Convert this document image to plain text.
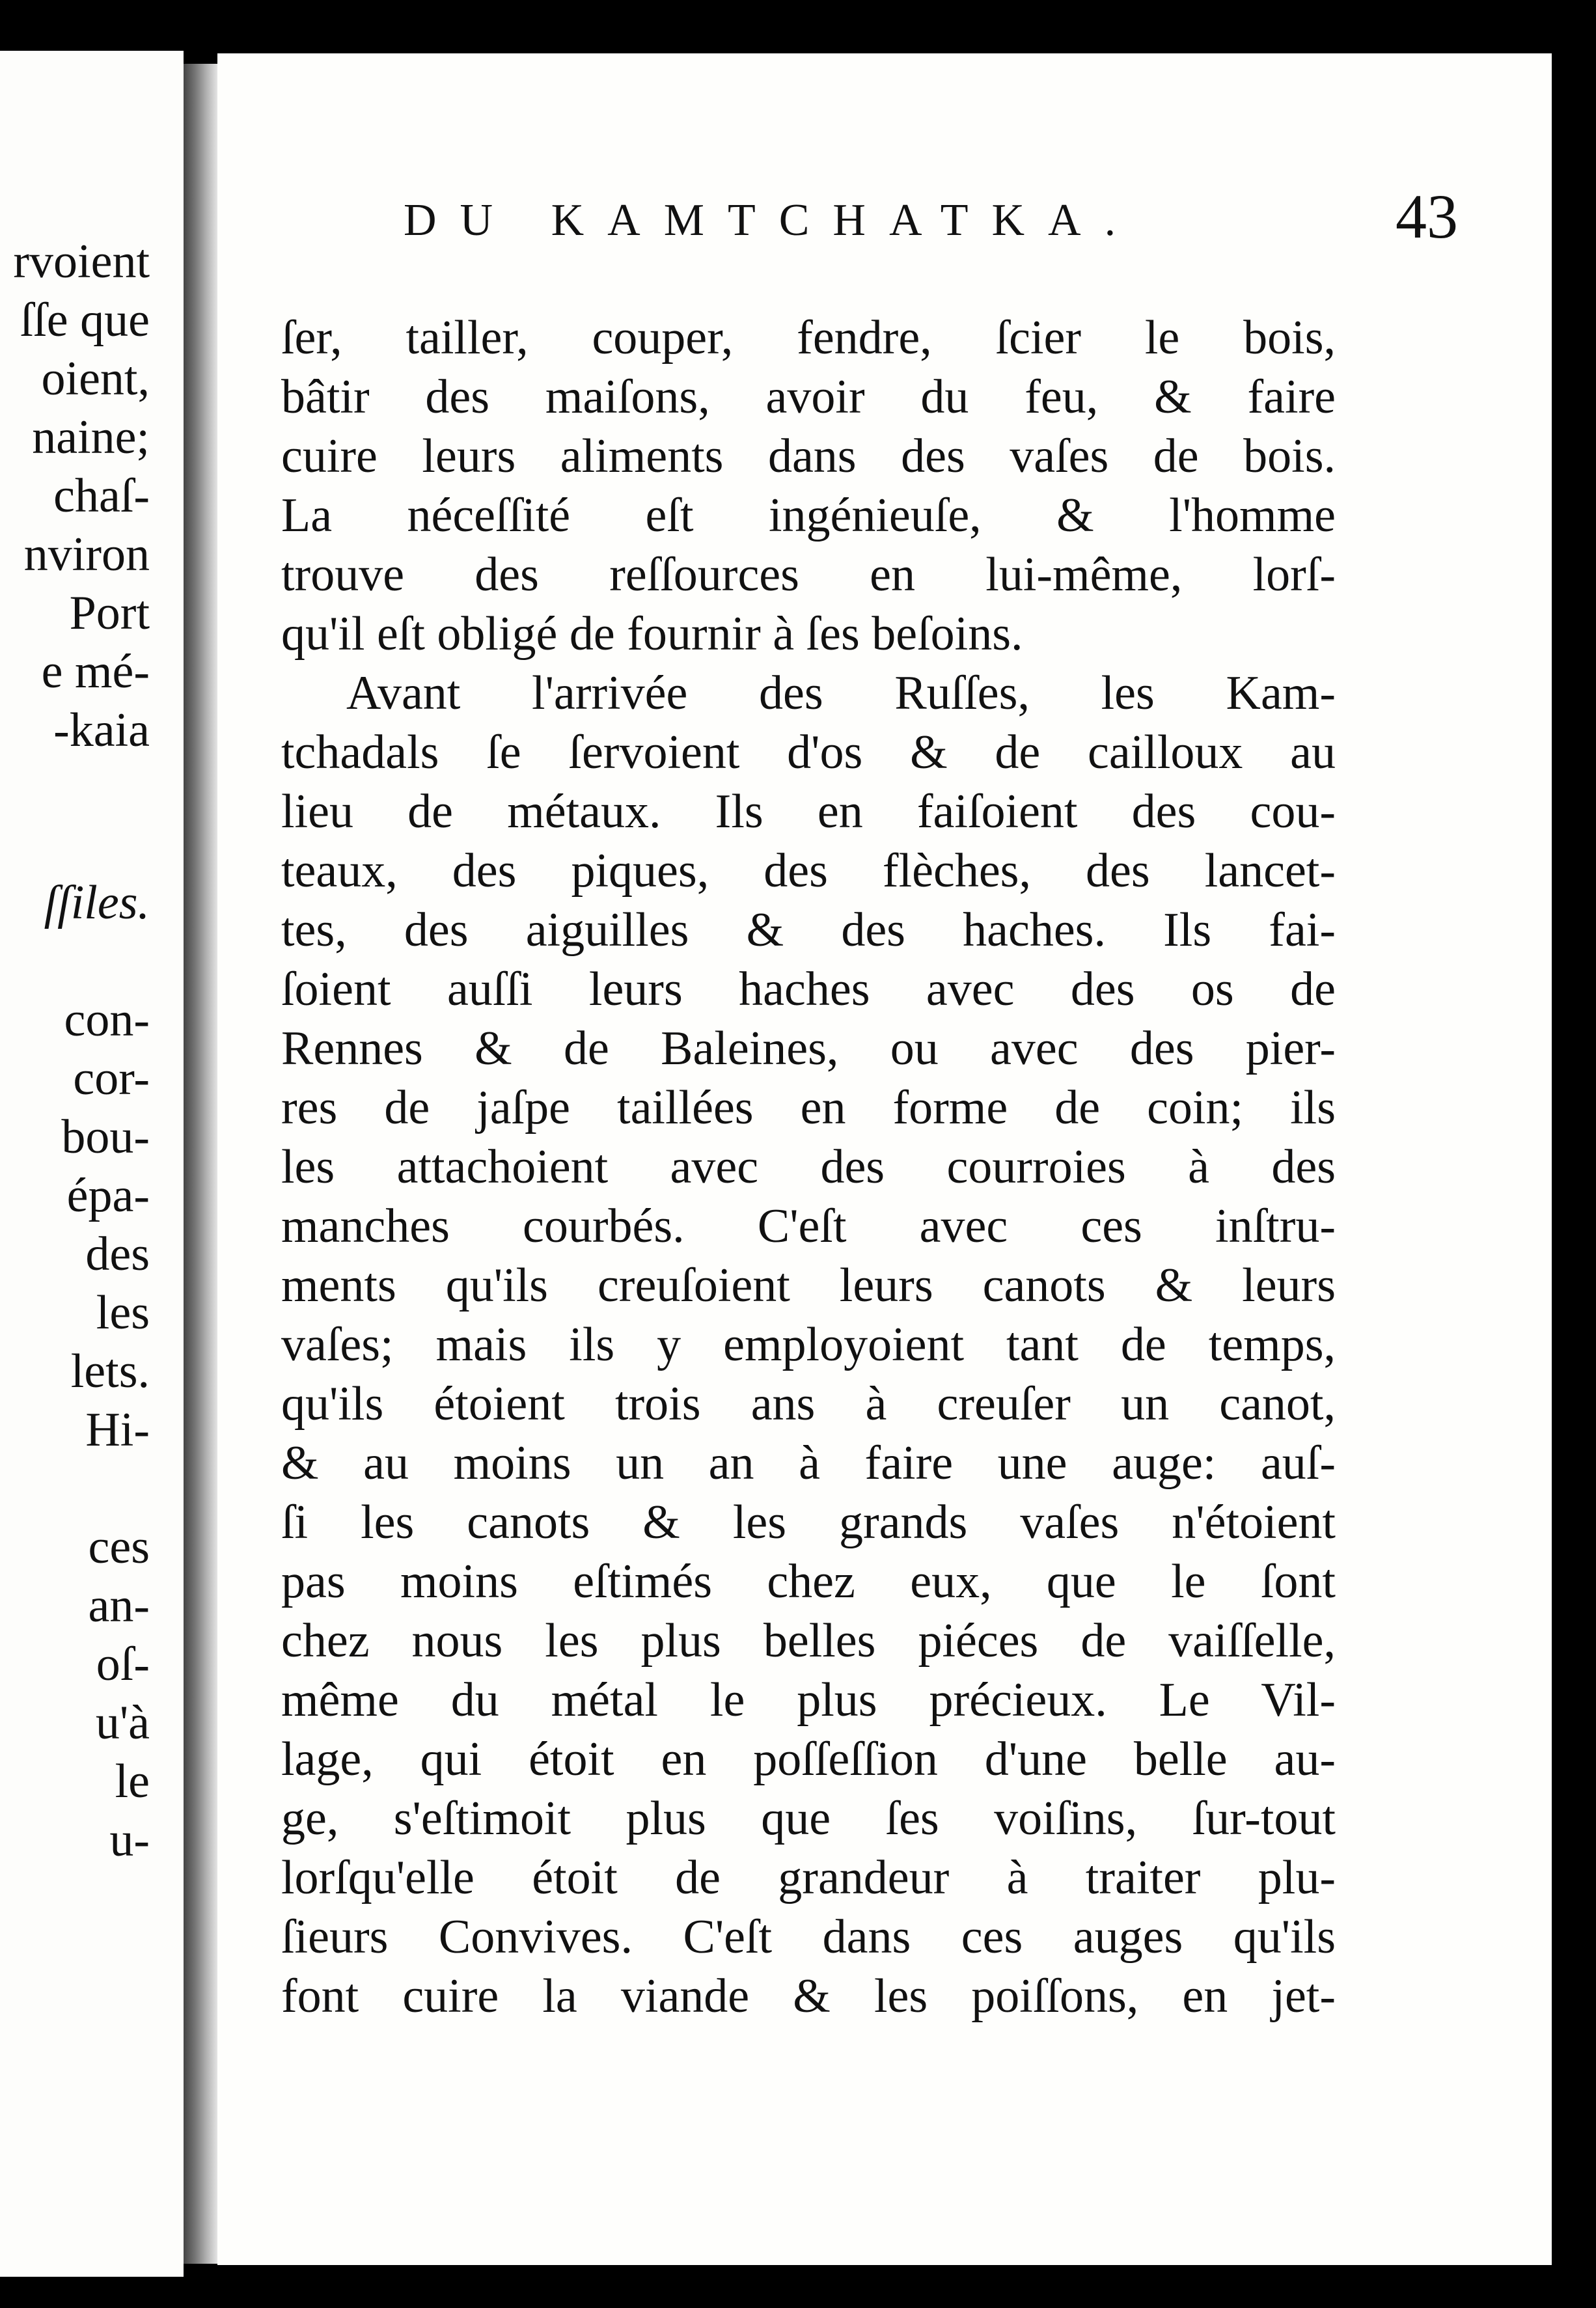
rvoient
ſſe que
oient,
naine;
chaſ-
nviron
Port
e mé-
-kaia
ſſiles.
con-
cor-
bou-
épa-
des
les
lets.
Hi-
ces
an-
oſ-
u'à
le
u-
DU KAMTCHATKA.	43
ſer, tailler, couper, fendre, ſcier le bois,
bâtir des maiſons, avoir du feu, & faire
cuire leurs aliments dans des vaſes de bois.
La néceſſité eſt ingénieuſe, & l'homme
trouve des reſſources en lui-même, lorſ-
qu'il eſt obligé de fournir à ſes beſoins.
Avant l'arrivée des Ruſſes, les Kam-
tchadals ſe ſervoient d'os & de cailloux au
lieu de métaux. Ils en faiſoient des cou-
teaux, des piques, des flèches, des lancet-
tes, des aiguilles & des haches. Ils fai-
ſoient auſſi leurs haches avec des os de
Rennes & de Baleines, ou avec des pier-
res de jaſpe taillées en forme de coin; ils
les attachoient avec des courroies à des
manches courbés. C'eſt avec ces inſtru-
ments qu'ils creuſoient leurs canots & leurs
vaſes; mais ils y employoient tant de temps,
qu'ils étoient trois ans à creuſer un canot,
& au moins un an à faire une auge: auſ-
ſi les canots & les grands vaſes n'étoient
pas moins eſtimés chez eux, que le ſont
chez nous les plus belles piéces de vaiſſelle,
même du métal le plus précieux. Le Vil-
lage, qui étoit en poſſeſſion d'une belle au-
ge, s'eſtimoit plus que ſes voiſins, ſur-tout
lorſqu'elle étoit de grandeur à traiter plu-
ſieurs Convives. C'eſt dans ces auges qu'ils
font cuire la viande & les poiſſons, en jet-
